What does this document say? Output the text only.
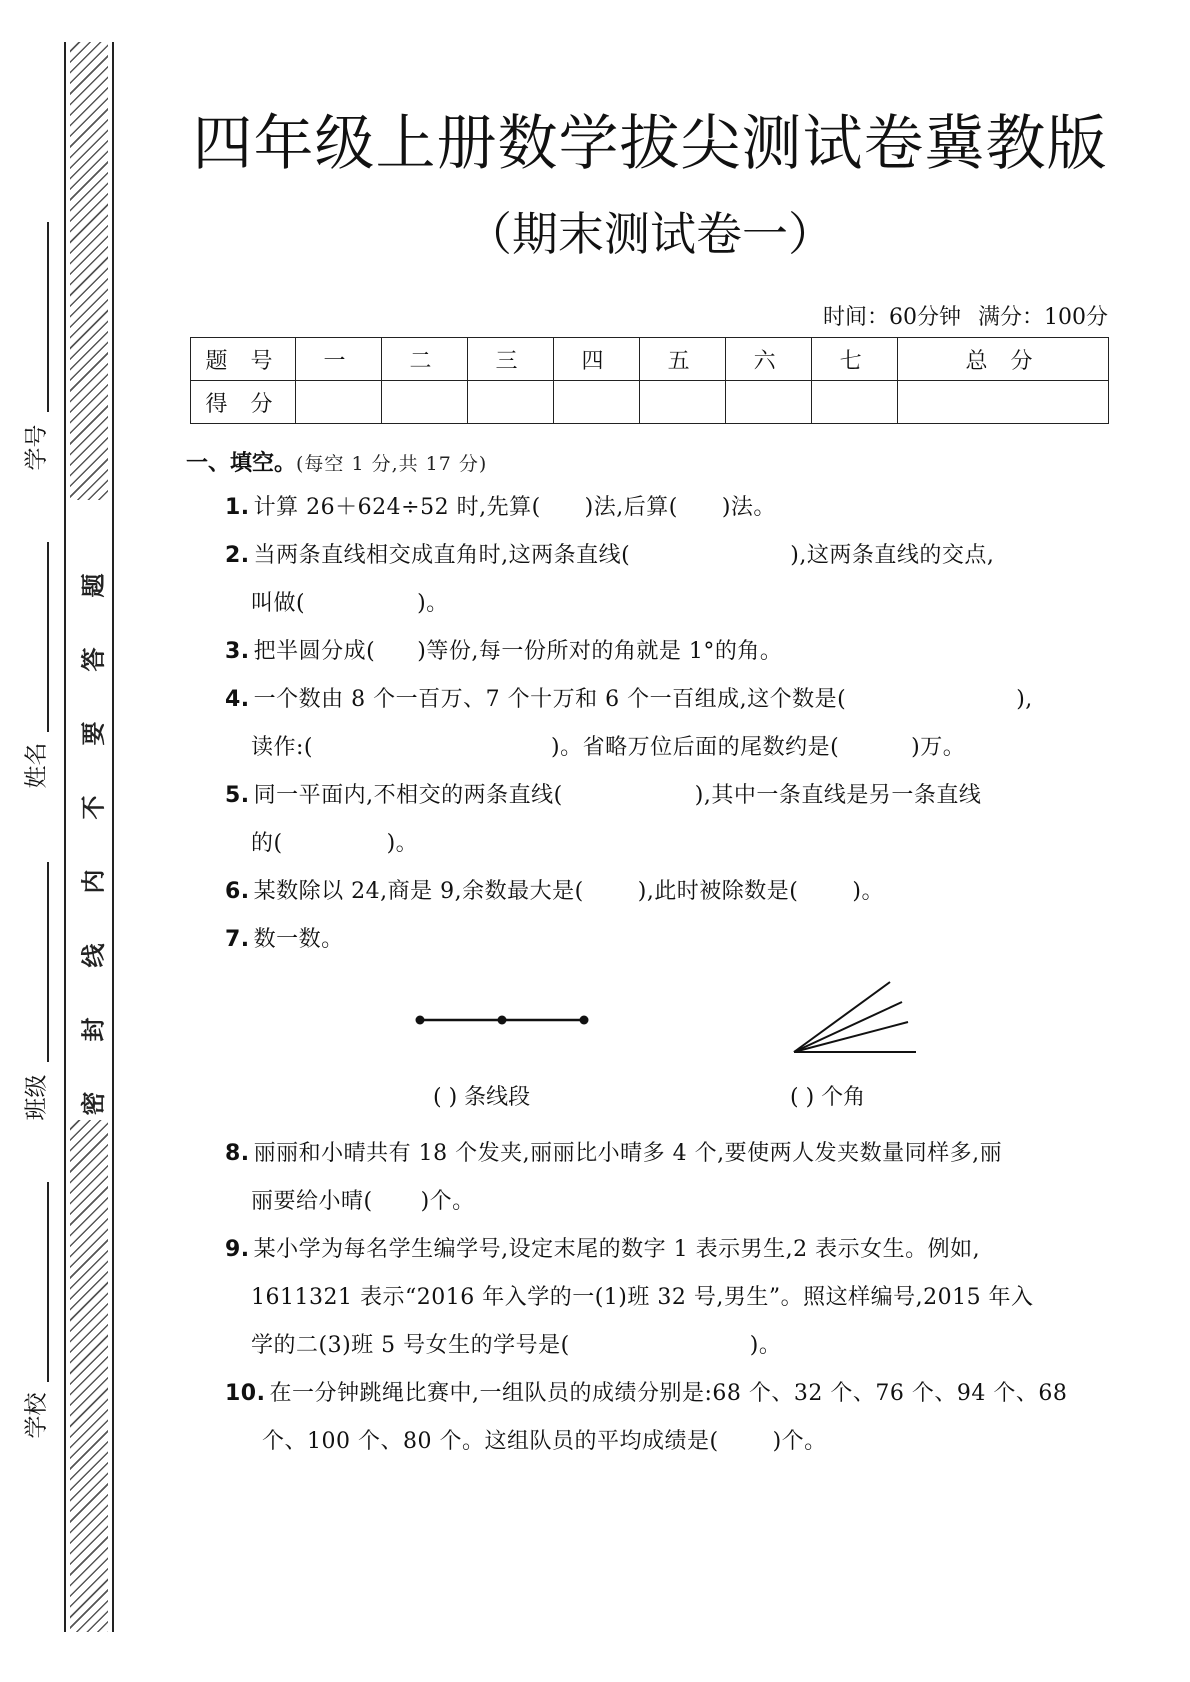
题
答
要
不
内
线
封
密
学号
姓名
班级
学校
四年级上册数学拔尖测试卷冀教版
（期末测试卷一）
时间：60分钟 满分：100分
题 号	一	二	三	四	五	六	七	总 分
得 分								
一、填空。(每空 1 分,共 17 分)
1. 计算 26＋624÷52 时,先算( )法,后算( )法。
2. 当两条直线相交成直角时,这两条直线(	),这两条直线的交点,
叫做(	)。
3. 把半圆分成( )等份,每一份所对的角就是 1°的角。
4. 一个数由 8 个一百万、7 个十万和 6 个一百组成,这个数是(	),
读作:(	)。省略万位后面的尾数约是(	)万。
5. 同一平面内,不相交的两条直线(	),其中一条直线是另一条直线
的(	)。
6. 某数除以 24,商是 9,余数最大是( ),此时被除数是( )。
7. 数一数。
( ) 条线段	( ) 个角
8. 丽丽和小晴共有 18 个发夹,丽丽比小晴多 4 个,要使两人发夹数量同样多,丽
丽要给小晴( )个。
9. 某小学为每名学生编学号,设定末尾的数字 1 表示男生,2 表示女生。例如,
1611321 表示“2016 年入学的一(1)班 32 号,男生”。照这样编号,2015 年入
学的二(3)班 5 号女生的学号是(	)。
10. 在一分钟跳绳比赛中,一组队员的成绩分别是:68 个、32 个、76 个、94 个、68
个、100 个、80 个。这组队员的平均成绩是( )个。
